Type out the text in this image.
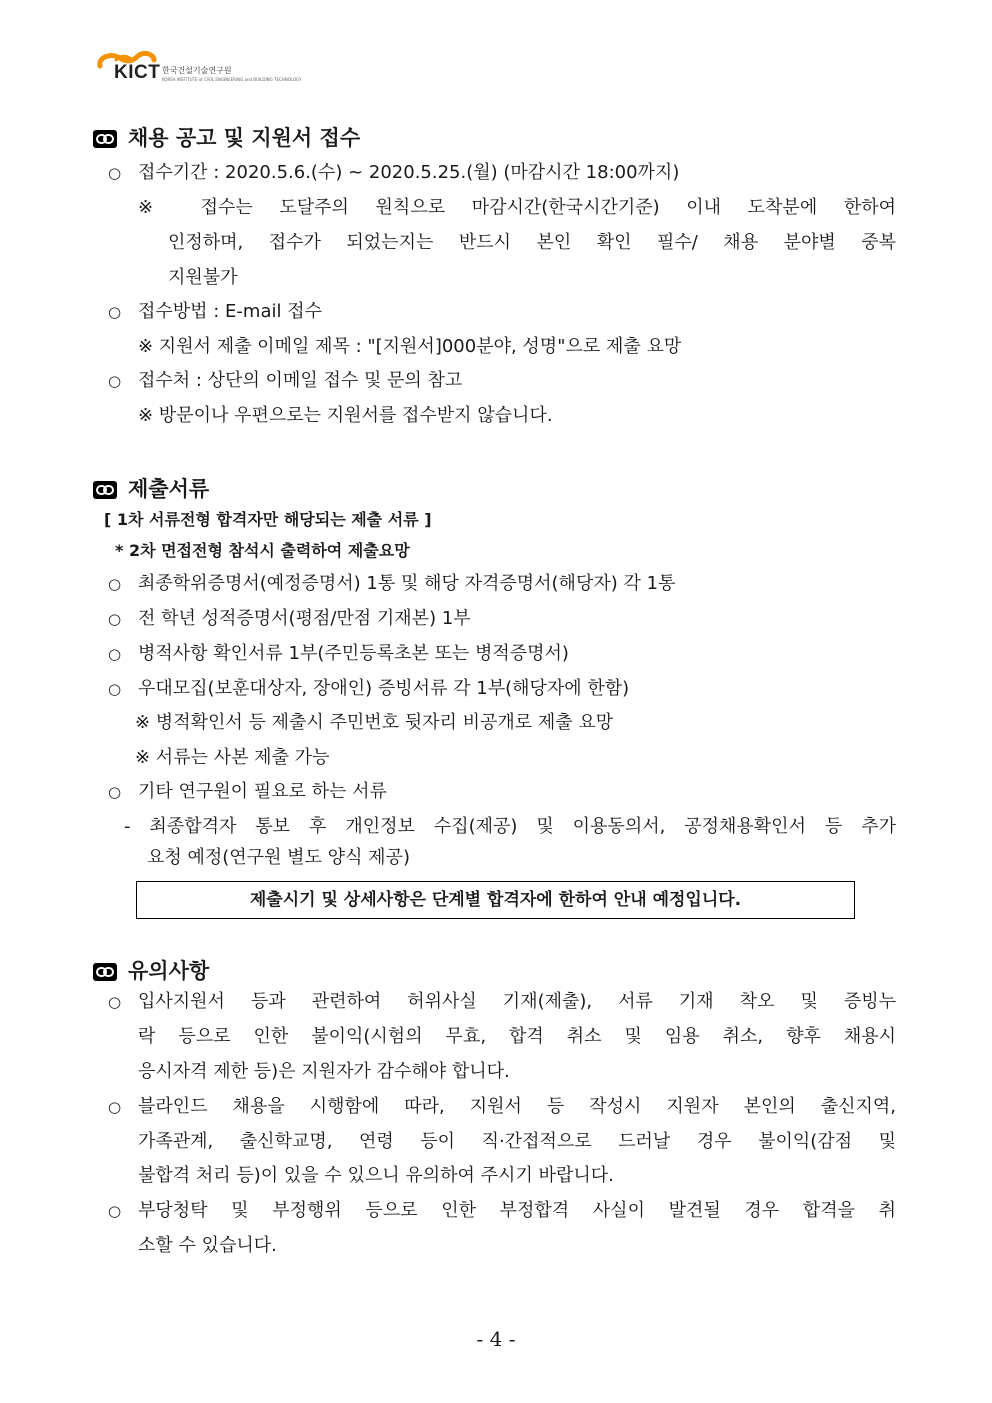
KICT 한국건설기술연구원
KOREA INSTITUTE of CIVIL ENGINEERING and BUILDING TECHNOLOGY
채용 공고 및 지원서 접수
○ 접수기간 : 2020.5.6.(수) ~ 2020.5.25.(월) (마감시간 18:00까지)
※ 접수는 도달주의 원칙으로 마감시간(한국시간기준) 이내 도착분에 한하여
인정하며, 접수가 되었는지는 반드시 본인 확인 필수/ 채용 분야별 중복
지원불가
○ 접수방법 : E-mail 접수
※ 지원서 제출 이메일 제목 : "[지원서]000분야, 성명"으로 제출 요망
○ 접수처 : 상단의 이메일 접수 및 문의 참고
※ 방문이나 우편으로는 지원서를 접수받지 않습니다.
제출서류
[ 1차 서류전형 합격자만 해당되는 제출 서류 ]
* 2차 면접전형 참석시 출력하여 제출요망
○ 최종학위증명서(예정증명서) 1통 및 해당 자격증명서(해당자) 각 1통
○ 전 학년 성적증명서(평점/만점 기재본) 1부
○ 병적사항 확인서류 1부(주민등록초본 또는 병적증명서)
○ 우대모집(보훈대상자, 장애인) 증빙서류 각 1부(해당자에 한함)
※ 병적확인서 등 제출시 주민번호 뒷자리 비공개로 제출 요망
※ 서류는 사본 제출 가능
○ 기타 연구원이 필요로 하는 서류
- 최종합격자 통보 후 개인정보 수집(제공) 및 이용동의서, 공정채용확인서 등 추가
요청 예정(연구원 별도 양식 제공)
제출시기 및 상세사항은 단계별 합격자에 한하여 안내 예정입니다.
유의사항
○ 입사지원서 등과 관련하여 허위사실 기재(제출), 서류 기재 착오 및 증빙누
락 등으로 인한 불이익(시험의 무효, 합격 취소 및 임용 취소, 향후 채용시
응시자격 제한 등)은 지원자가 감수해야 합니다.
○ 블라인드 채용을 시행함에 따라, 지원서 등 작성시 지원자 본인의 출신지역,
가족관계, 출신학교명, 연령 등이 직·간접적으로 드러날 경우 불이익(감점 및
불합격 처리 등)이 있을 수 있으니 유의하여 주시기 바랍니다.
○ 부당청탁 및 부정행위 등으로 인한 부정합격 사실이 발견될 경우 합격을 취
소할 수 있습니다.
- 4 -
